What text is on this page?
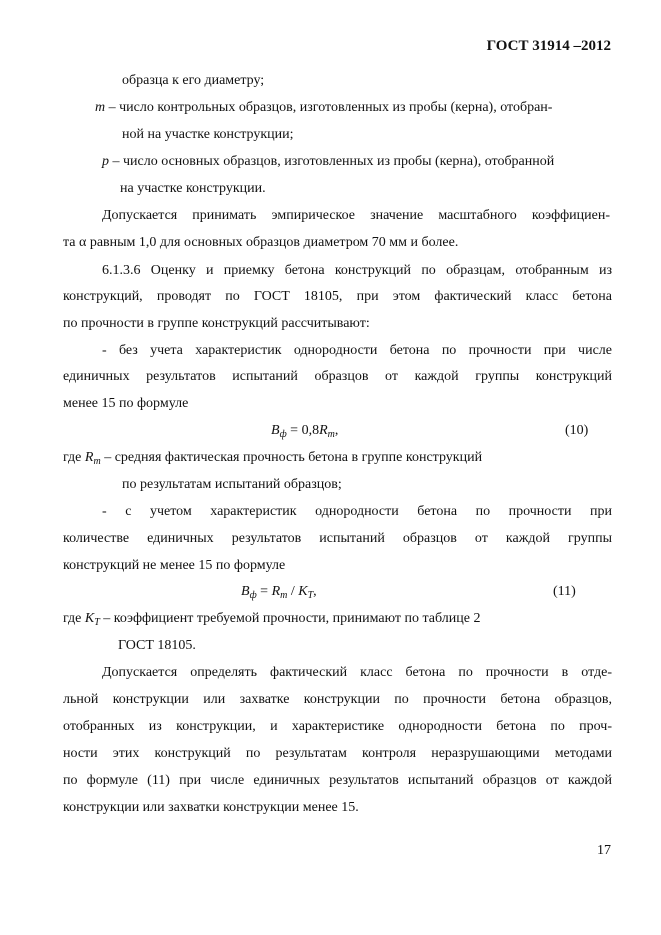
ГОСТ 31914 –2012
образца к его диаметру;
m – число контрольных образцов, изготовленных из пробы (керна), отобран-
ной на участке конструкции;
p – число основных образцов, изготовленных из пробы (керна), отобранной
на участке конструкции.
Допускается принимать эмпирическое значение масштабного коэффициен-
та α равным 1,0 для основных образцов диаметром 70 мм и более.
6.1.3.6 Оценку и приемку бетона конструкций по образцам, отобранным из
конструкций, проводят по ГОСТ 18105, при этом фактический класс бетона
по прочности в группе конструкций рассчитывают:
- без учета характеристик однородности бетона по прочности при числе
единичных результатов испытаний образцов от каждой группы конструкций
менее 15 по формуле
$B_ф = 0,8R_m$,	(10)
где $R_m$ – средняя фактическая прочность бетона в группе конструкций
по результатам испытаний образцов;
- с учетом характеристик однородности бетона по прочности при
количестве единичных результатов испытаний образцов от каждой группы
конструкций не менее 15 по формуле
$B_ф = R_m / K_T$,	(11)
где $K_T$ – коэффициент требуемой прочности, принимают по таблице 2
ГОСТ 18105.
Допускается определять фактический класс бетона по прочности в отде-
льной конструкции или захватке конструкции по прочности бетона образцов,
отобранных из конструкции, и характеристике однородности бетона по проч-
ности этих конструкций по результатам контроля неразрушающими методами
по формуле (11) при числе единичных результатов испытаний образцов от каждой
конструкции или захватки конструкции менее 15.
17
